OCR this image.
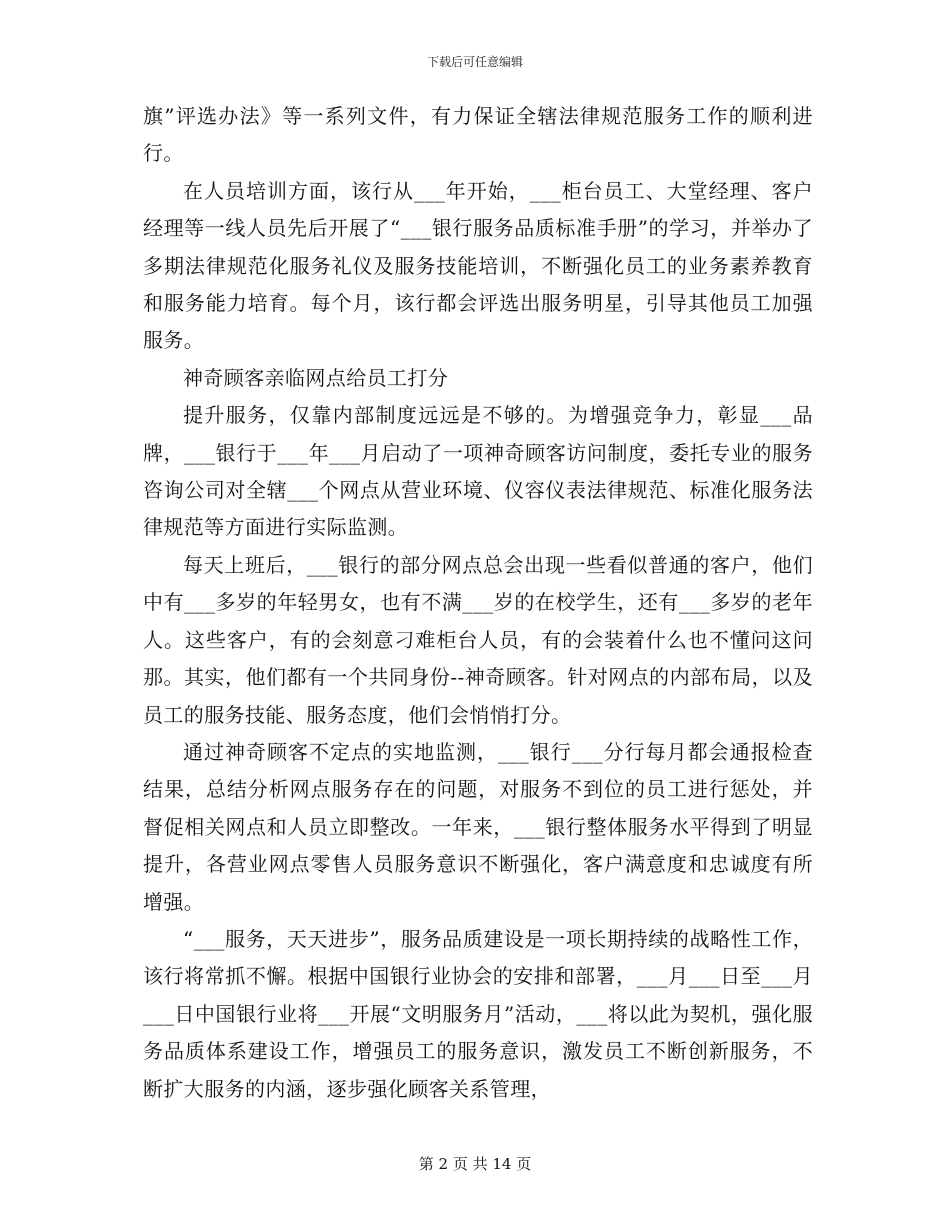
下载后可任意编辑

旗”评选办法》等一系列文件，有力保证全辖法律规范服务工作的顺利进行。

在人员培训方面，该行从___年开始，___柜台员工、大堂经理、客户经理等一线人员先后开展了“___银行服务品质标准手册”的学习，并举办了多期法律规范化服务礼仪及服务技能培训，不断强化员工的业务素养教育和服务能力培育。每个月，该行都会评选出服务明星，引导其他员工加强服务。

神奇顾客亲临网点给员工打分

提升服务，仅靠内部制度远远是不够的。为增强竞争力，彰显___品牌，___银行于___年___月启动了一项神奇顾客访问制度，委托专业的服务咨询公司对全辖___个网点从营业环境、仪容仪表法律规范、标准化服务法律规范等方面进行实际监测。

每天上班后，___银行的部分网点总会出现一些看似普通的客户，他们中有___多岁的年轻男女，也有不满___岁的在校学生，还有___多岁的老年人。这些客户，有的会刻意刁难柜台人员，有的会装着什么也不懂问这问那。其实，他们都有一个共同身份--神奇顾客。针对网点的内部布局，以及员工的服务技能、服务态度，他们会悄悄打分。

通过神奇顾客不定点的实地监测，___银行___分行每月都会通报检查结果，总结分析网点服务存在的问题，对服务不到位的员工进行惩处，并督促相关网点和人员立即整改。一年来，___银行整体服务水平得到了明显提升，各营业网点零售人员服务意识不断强化，客户满意度和忠诚度有所增强。

“___服务，天天进步”，服务品质建设是一项长期持续的战略性工作，该行将常抓不懈。根据中国银行业协会的安排和部署，___月___日至___月___日中国银行业将___开展“文明服务月”活动，___将以此为契机，强化服务品质体系建设工作，增强员工的服务意识，激发员工不断创新服务，不断扩大服务的内涵，逐步强化顾客关系管理，

第 2 页 共 14 页
